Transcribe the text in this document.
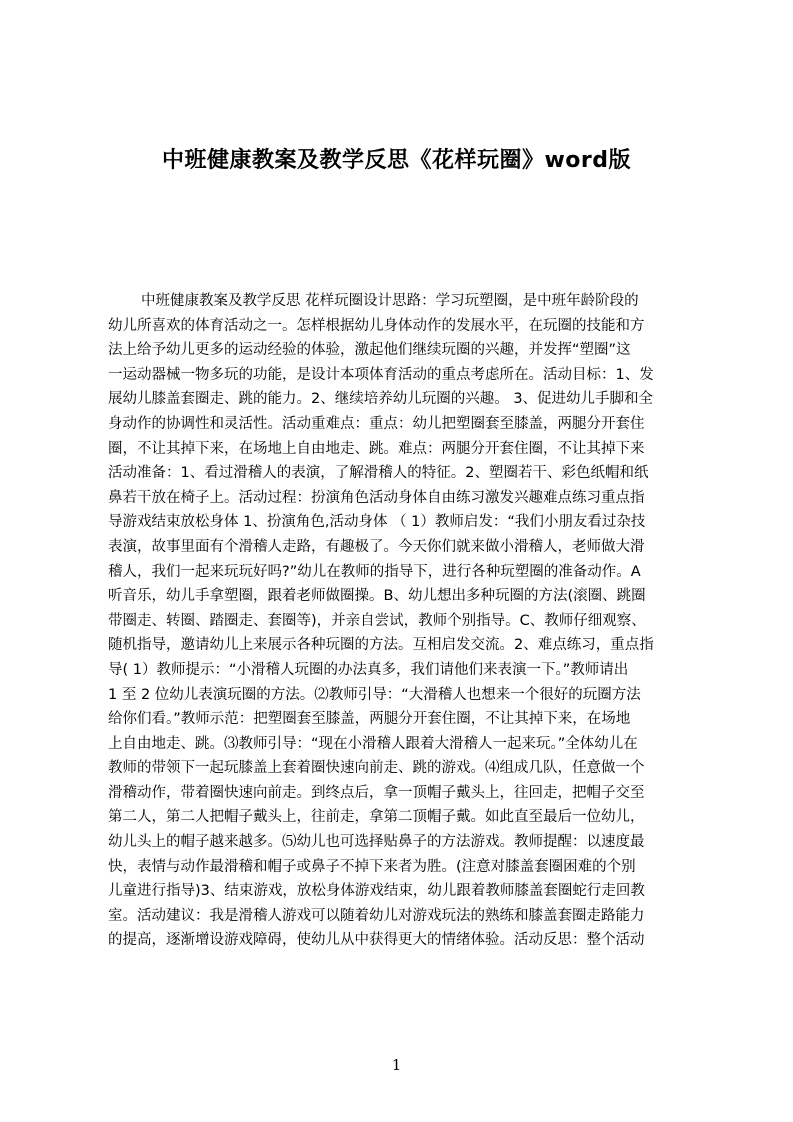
中班健康教案及教学反思《花样玩圈》word版
中班健康教案及教学反思 花样玩圈设计思路：学习玩塑圈，是中班年龄阶段的
幼儿所喜欢的体育活动之一。怎样根据幼儿身体动作的发展水平，在玩圈的技能和方
法上给予幼儿更多的运动经验的体验，激起他们继续玩圈的兴趣，并发挥“塑圈”这
一运动器械一物多玩的功能，是设计本项体育活动的重点考虑所在。活动目标：1、发
展幼儿膝盖套圈走、跳的能力。2、继续培养幼儿玩圈的兴趣。 3、促进幼儿手脚和全
身动作的协调性和灵活性。活动重难点：重点：幼儿把塑圈套至膝盖，两腿分开套住
圈，不让其掉下来，在场地上自由地走、跳。难点：两腿分开套住圈，不让其掉下来
活动准备：1、看过滑稽人的表演，了解滑稽人的特征。2、塑圈若干、彩色纸帽和纸
鼻若干放在椅子上。活动过程：扮演角色活动身体自由练习激发兴趣难点练习重点指
导游戏结束放松身体 1、扮演角色,活动身体 （ 1）教师启发：“我们小朋友看过杂技
表演，故事里面有个滑稽人走路，有趣极了。今天你们就来做小滑稽人，老师做大滑
稽人，我们一起来玩玩好吗?”幼儿在教师的指导下，进行各种玩塑圈的准备动作。A
听音乐，幼儿手拿塑圈，跟着老师做圈操。B、幼儿想出多种玩圈的方法(滚圈、跳圈
带圈走、转圈、踏圈走、套圈等)，并亲自尝试，教师个别指导。C、教师仔细观察、
随机指导，邀请幼儿上来展示各种玩圈的方法。互相启发交流。2、难点练习，重点指
导( 1）教师提示：“小滑稽人玩圈的办法真多，我们请他们来表演一下。”教师请出
1 至 2 位幼儿表演玩圈的方法。⑵教师引导：“大滑稽人也想来一个很好的玩圈方法
给你们看。”教师示范：把塑圈套至膝盖，两腿分开套住圈，不让其掉下来，在场地
上自由地走、跳。⑶教师引导：“现在小滑稽人跟着大滑稽人一起来玩。”全体幼儿在
教师的带领下一起玩膝盖上套着圈快速向前走、跳的游戏。⑷组成几队，任意做一个
滑稽动作，带着圈快速向前走。到终点后，拿一顶帽子戴头上，往回走，把帽子交至
第二人，第二人把帽子戴头上，往前走，拿第二顶帽子戴。如此直至最后一位幼儿，
幼儿头上的帽子越来越多。⑸幼儿也可选择贴鼻子的方法游戏。教师提醒：以速度最
快，表情与动作最滑稽和帽子或鼻子不掉下来者为胜。(注意对膝盖套圈困难的个别
儿童进行指导)3、结束游戏，放松身体游戏结束，幼儿跟着教师膝盖套圈蛇行走回教
室。活动建议：我是滑稽人游戏可以随着幼儿对游戏玩法的熟练和膝盖套圈走路能力
的提高，逐渐增设游戏障碍，使幼儿从中获得更大的情绪体验。活动反思：整个活动
1
